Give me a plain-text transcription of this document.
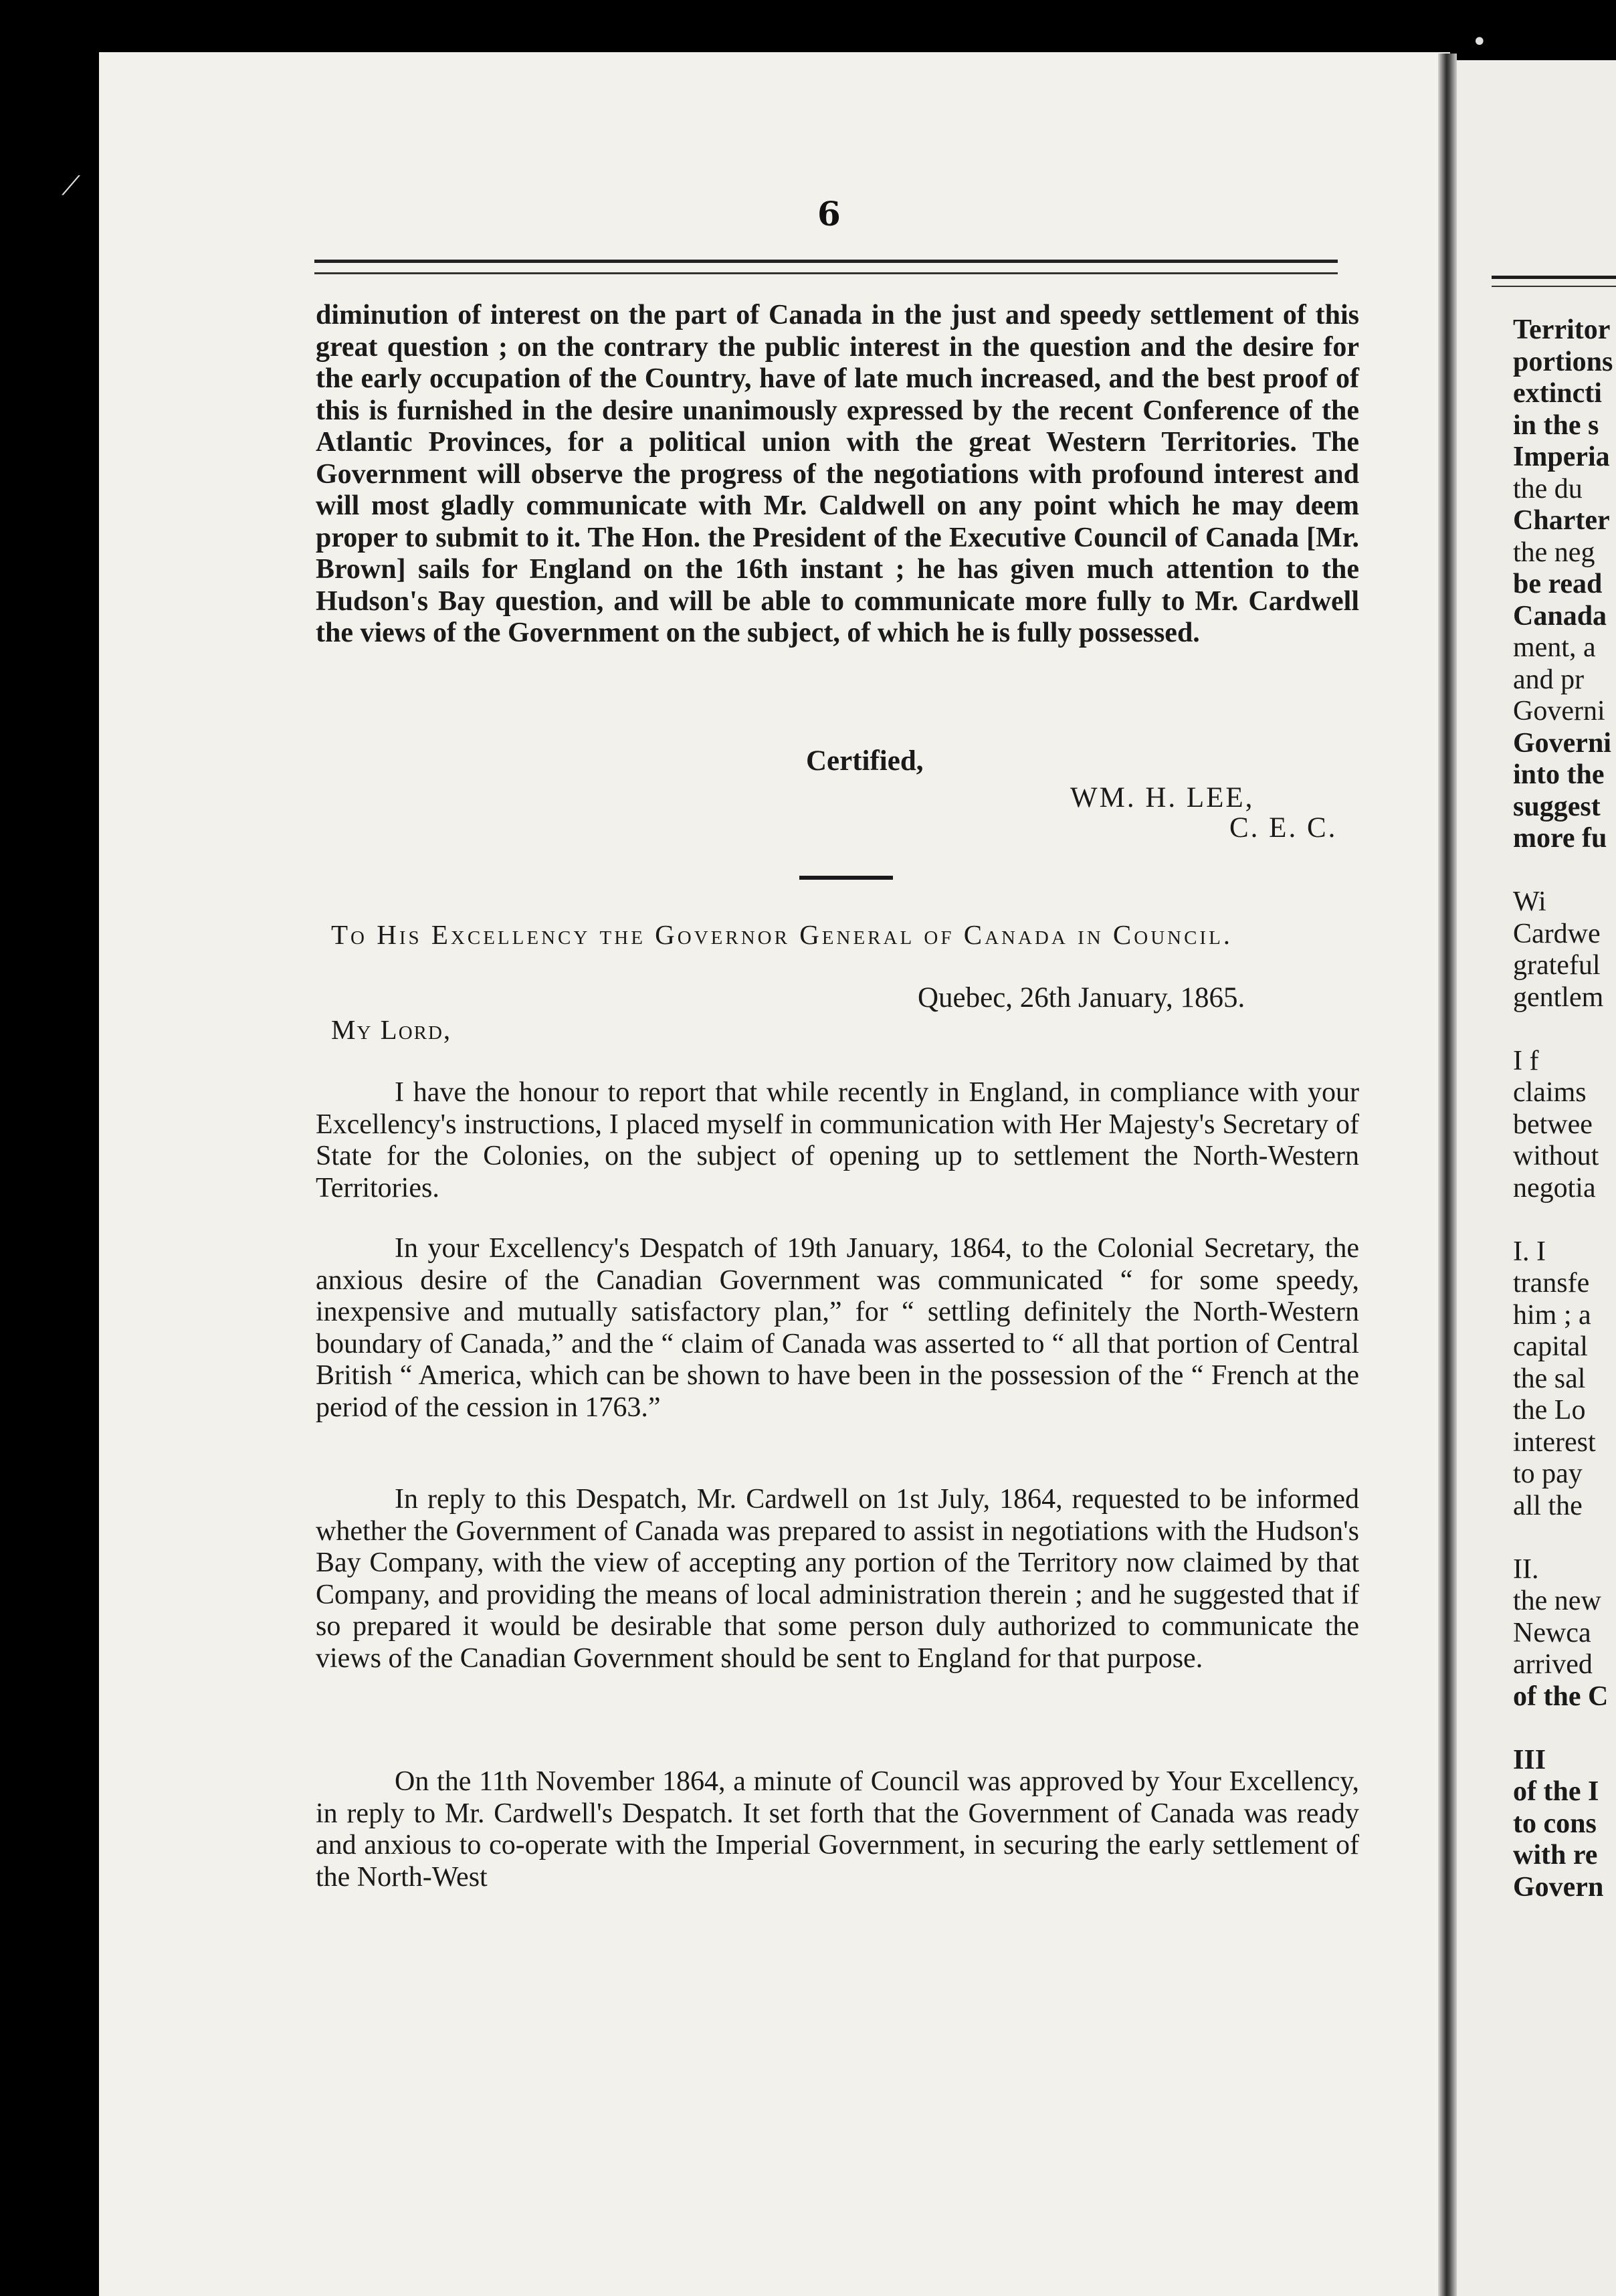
⟋
•
6

diminution of interest on the part of Canada in the just and speedy settlement of this great question ; on the contrary the public interest in the question and the desire for the early occupation of the Country, have of late much increased, and the best proof of this is furnished in the desire unanimously expressed by the recent Conference of the Atlantic Provinces, for a political union with the great Western Territories. The Government will observe the progress of the negotiations with profound interest and will most gladly communicate with Mr. Caldwell on any point which he may deem proper to submit to it. The Hon. the President of the Executive Council of Canada [Mr. Brown] sails for England on the 16th instant ; he has given much attention to the Hudson's Bay question, and will be able to communicate more fully to Mr. Cardwell the views of the Government on the subject, of which he is fully possessed.

Certified,
WM. H. LEE,
C. E. C.
To His Excellency the Governor General of Canada in Council.
Quebec, 26th January, 1865.
My Lord,

I have the honour to report that while recently in England, in compliance with your Excellency's instructions, I placed myself in communication with Her Majesty's Secretary of State for the Colonies, on the subject of opening up to settlement the North-Western Territories.

In your Excellency's Despatch of 19th January, 1864, to the Colonial Secretary, the anxious desire of the Canadian Government was communicated “ for some speedy, inexpensive and mutually satisfactory plan,” for “ settling definitely the North-Western boundary of Canada,” and the “ claim of Canada was asserted to “ all that portion of Central British “ America, which can be shown to have been in the possession of the “ French at the period of the cession in 1763.”

In reply to this Despatch, Mr. Cardwell on 1st July, 1864, requested to be informed whether the Government of Canada was prepared to assist in negotiations with the Hudson's Bay Company, with the view of accepting any portion of the Territory now claimed by that Company, and providing the means of local administration therein ; and he suggested that if so prepared it would be desirable that some person duly authorized to communicate the views of the Canadian Government should be sent to England for that purpose.

On the 11th November 1864, a minute of Council was approved by Your Excellency, in reply to Mr. Cardwell's Despatch. It set forth that the Government of Canada was ready and anxious to co-operate with the Imperial Government, in securing the early settlement of the North-West

Territor
portions
extincti
in the s
Imperia
the du
Charter
the neg
be read
Canada
ment, a
and pr
Governi
Governi
into the
suggest
more fu
Wi
Cardwe
grateful
gentlem
I f
claims
betwee
without
negotia
I. I
transfe
him ; a
capital
the sal
the Lo
interest
to pay
all the
II.
the new
Newca
arrived
of the C
III
of the I
to cons
with re
Govern
